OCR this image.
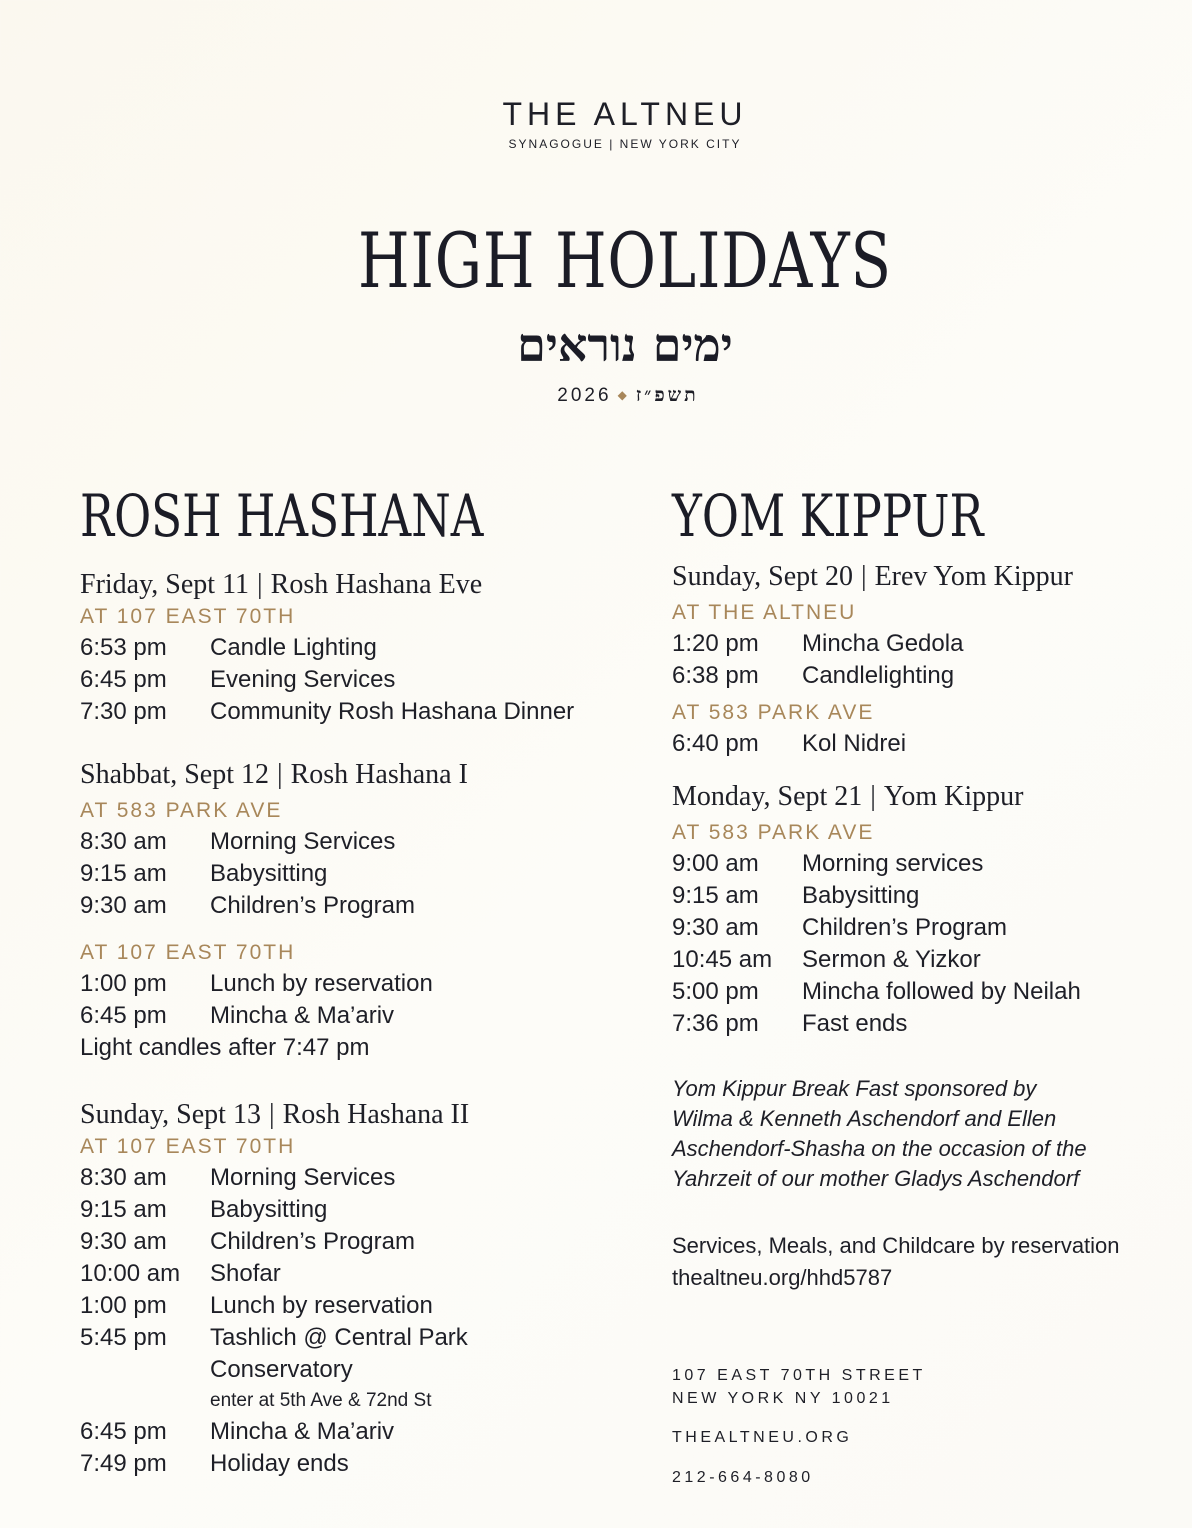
THE ALTNEU
SYNAGOGUE | NEW YORK CITY
HIGH HOLIDAYS
ימים נוראים
2026 ◆ תשפ״ז
ROSH HASHANA
Friday, Sept 11 | Rosh Hashana Eve
AT 107 EAST 70TH
6:53 pm	Candle Lighting
6:45 pm	Evening Services
7:30 pm	Community Rosh Hashana Dinner
Shabbat, Sept 12 | Rosh Hashana I
AT 583 PARK AVE
8:30 am	Morning Services
9:15 am	Babysitting
9:30 am	Children’s Program
AT 107 EAST 70TH
1:00 pm	Lunch by reservation
6:45 pm	Mincha & Ma’ariv
Light candles after 7:47 pm
Sunday, Sept 13 | Rosh Hashana II
AT 107 EAST 70TH
8:30 am	Morning Services
9:15 am	Babysitting
9:30 am	Children’s Program
10:00 am	Shofar
1:00 pm	Lunch by reservation
5:45 pm	Tashlich @ Central Park
Conservatory
enter at 5th Ave & 72nd St
6:45 pm	Mincha & Ma’ariv
7:49 pm	Holiday ends
YOM KIPPUR
Sunday, Sept 20 | Erev Yom Kippur
AT THE ALTNEU
1:20 pm	Mincha Gedola
6:38 pm	Candlelighting
AT 583 PARK AVE
6:40 pm	Kol Nidrei
Monday, Sept 21 | Yom Kippur
AT 583 PARK AVE
9:00 am	Morning services
9:15 am	Babysitting
9:30 am	Children’s Program
10:45 am	Sermon & Yizkor
5:00 pm	Mincha followed by Neilah
7:36 pm	Fast ends
Yom Kippur Break Fast sponsored by
Wilma & Kenneth Aschendorf and Ellen
Aschendorf-Shasha on the occasion of the
Yahrzeit of our mother Gladys Aschendorf
Services, Meals, and Childcare by reservation
thealtneu.org/hhd5787
107 EAST 70TH STREET
NEW YORK NY 10021
THEALTNEU.ORG
212-664-8080
